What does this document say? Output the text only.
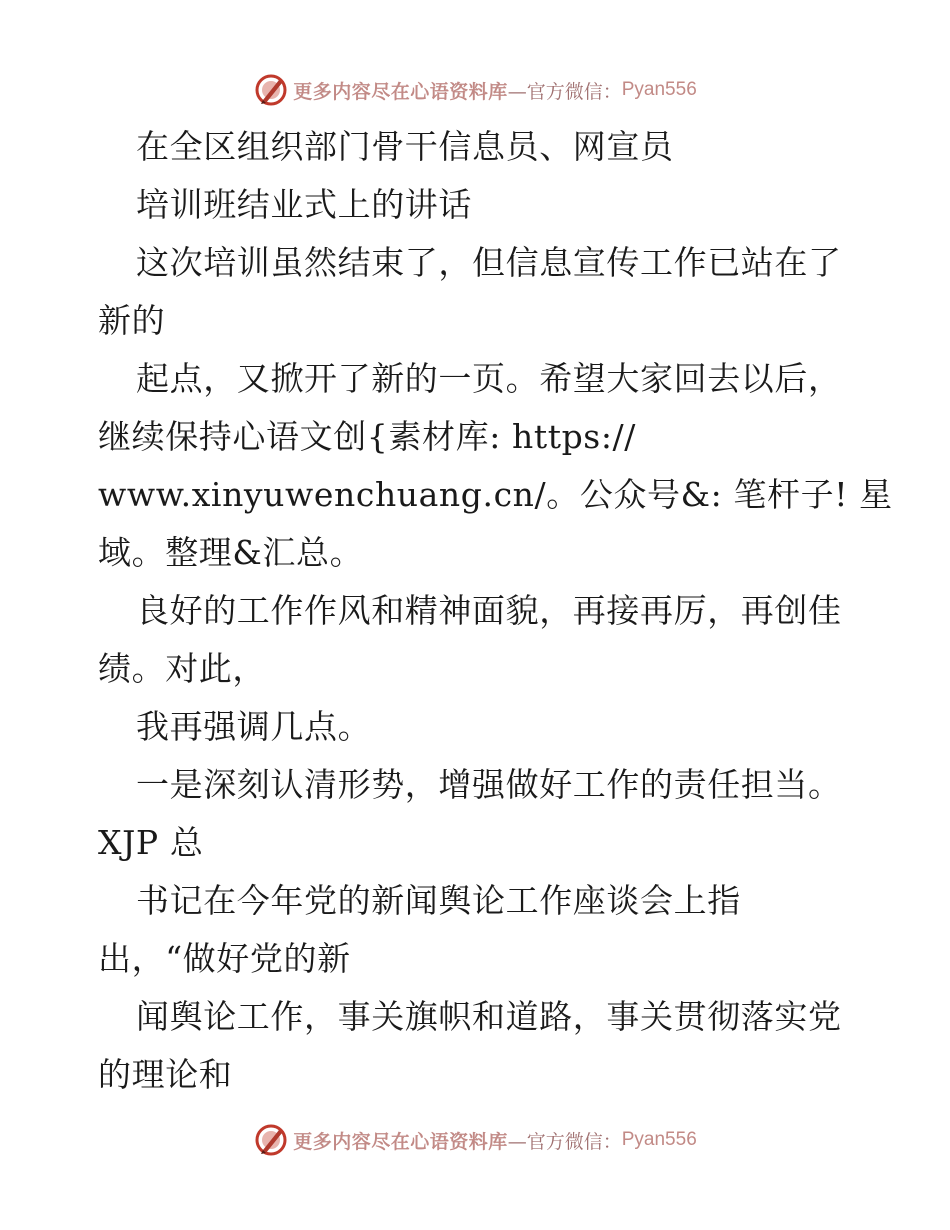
更多内容尽在心语资料库 —官方微信： Pyan556
在全区组织部门骨干信息员、网宣员
培训班结业式上的讲话
这次培训虽然结束了，但信息宣传工作已站在了
新的
起点，又掀开了新的一页。希望大家回去以后，
继续保持心语文创{素材库: https://
www.xinyuwenchuang.cn/。公众号&: 笔杆子! 星
域。整理&汇总。
良好的工作作风和精神面貌，再接再厉，再创佳
绩。对此，
我再强调几点。
一是深刻认清形势，增强做好工作的责任担当。
XJP 总
书记在今年党的新闻舆论工作座谈会上指
出，“做好党的新
闻舆论工作，事关旗帜和道路，事关贯彻落实党
的理论和
更多内容尽在心语资料库 —官方微信： Pyan556
